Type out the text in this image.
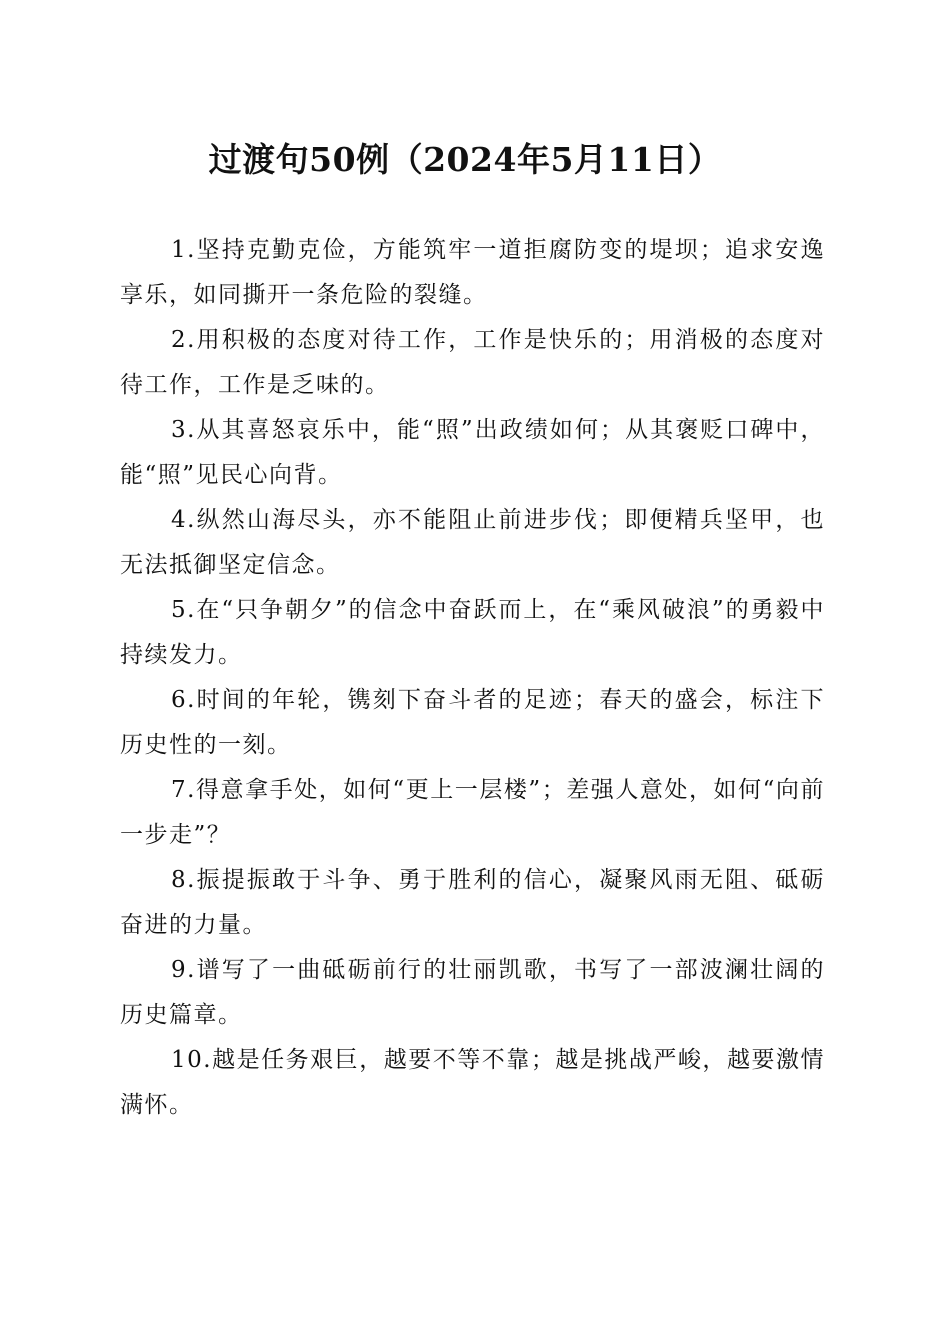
过渡句50例（2024年5月11日）

1.坚持克勤克俭，方能筑牢一道拒腐防变的堤坝；追求安逸享乐，如同撕开一条危险的裂缝。

2.用积极的态度对待工作，工作是快乐的；用消极的态度对待工作，工作是乏味的。

3.从其喜怒哀乐中，能“照”出政绩如何；从其褒贬口碑中，能“照”见民心向背。

4.纵然山海尽头，亦不能阻止前进步伐；即便精兵坚甲，也无法抵御坚定信念。

5.在“只争朝夕”的信念中奋跃而上，在“乘风破浪”的勇毅中持续发力。

6.时间的年轮，镌刻下奋斗者的足迹；春天的盛会，标注下历史性的一刻。

7.得意拿手处，如何“更上一层楼”；差强人意处，如何“向前一步走”？

8.振提振敢于斗争、勇于胜利的信心，凝聚风雨无阻、砥砺奋进的力量。

9.谱写了一曲砥砺前行的壮丽凯歌，书写了一部波澜壮阔的历史篇章。

10.越是任务艰巨，越要不等不靠；越是挑战严峻，越要激情满怀。
